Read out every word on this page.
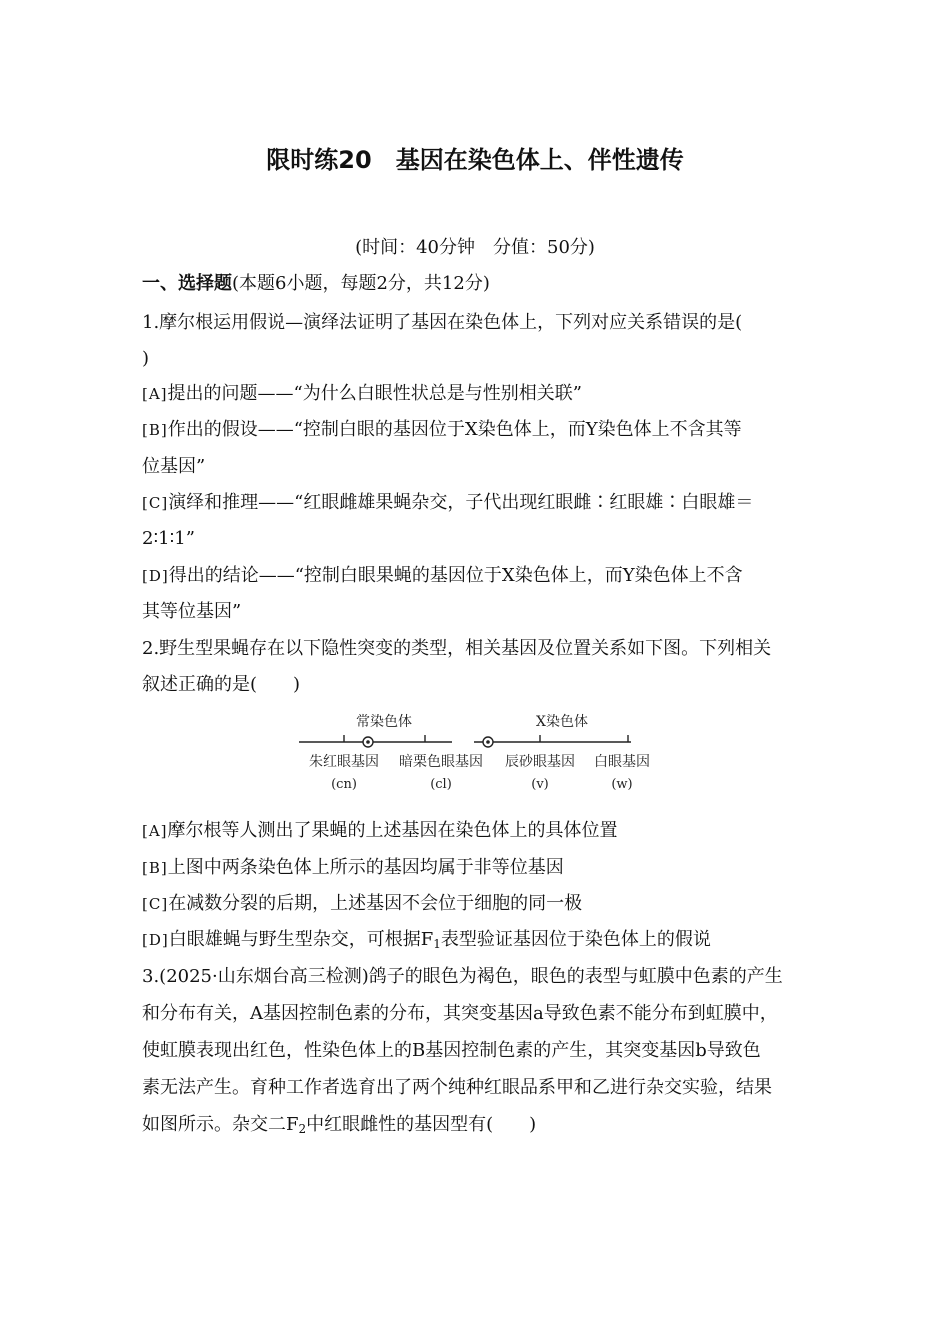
限时练20　基因在染色体上、伴性遗传
(时间：40分钟　分值：50分)
一、选择题(本题6小题，每题2分，共12分)
1.摩尔根运用假说—演绎法证明了基因在染色体上，下列对应关系错误的是(
)
[A]提出的问题——“为什么白眼性状总是与性别相关联”
[B]作出的假设——“控制白眼的基因位于X染色体上，而Y染色体上不含其等
位基因”
[C]演绎和推理——“红眼雌雄果蝇杂交，子代出现红眼雌∶红眼雄∶白眼雄＝
2∶1∶1”
[D]得出的结论——“控制白眼果蝇的基因位于X染色体上，而Y染色体上不含
其等位基因”
2.野生型果蝇存在以下隐性突变的类型，相关基因及位置关系如下图。下列相关
叙述正确的是(　　)
常染色体	X染色体
朱红眼基因 暗栗色眼基因 辰砂眼基因 白眼基因
(cn)	(cl)	(v)	(w)
[A]摩尔根等人测出了果蝇的上述基因在染色体上的具体位置
[B]上图中两条染色体上所示的基因均属于非等位基因
[C]在减数分裂的后期，上述基因不会位于细胞的同一极
[D]白眼雄蝇与野生型杂交，可根据$F_1$表型验证基因位于染色体上的假说
3.(2025·山东烟台高三检测)鸽子的眼色为褐色，眼色的表型与虹膜中色素的产生
和分布有关，A基因控制色素的分布，其突变基因a导致色素不能分布到虹膜中，
使虹膜表现出红色，性染色体上的B基因控制色素的产生，其突变基因b导致色
素无法产生。育种工作者选育出了两个纯种红眼品系甲和乙进行杂交实验，结果
如图所示。杂交二$F_2$中红眼雌性的基因型有(　　)
